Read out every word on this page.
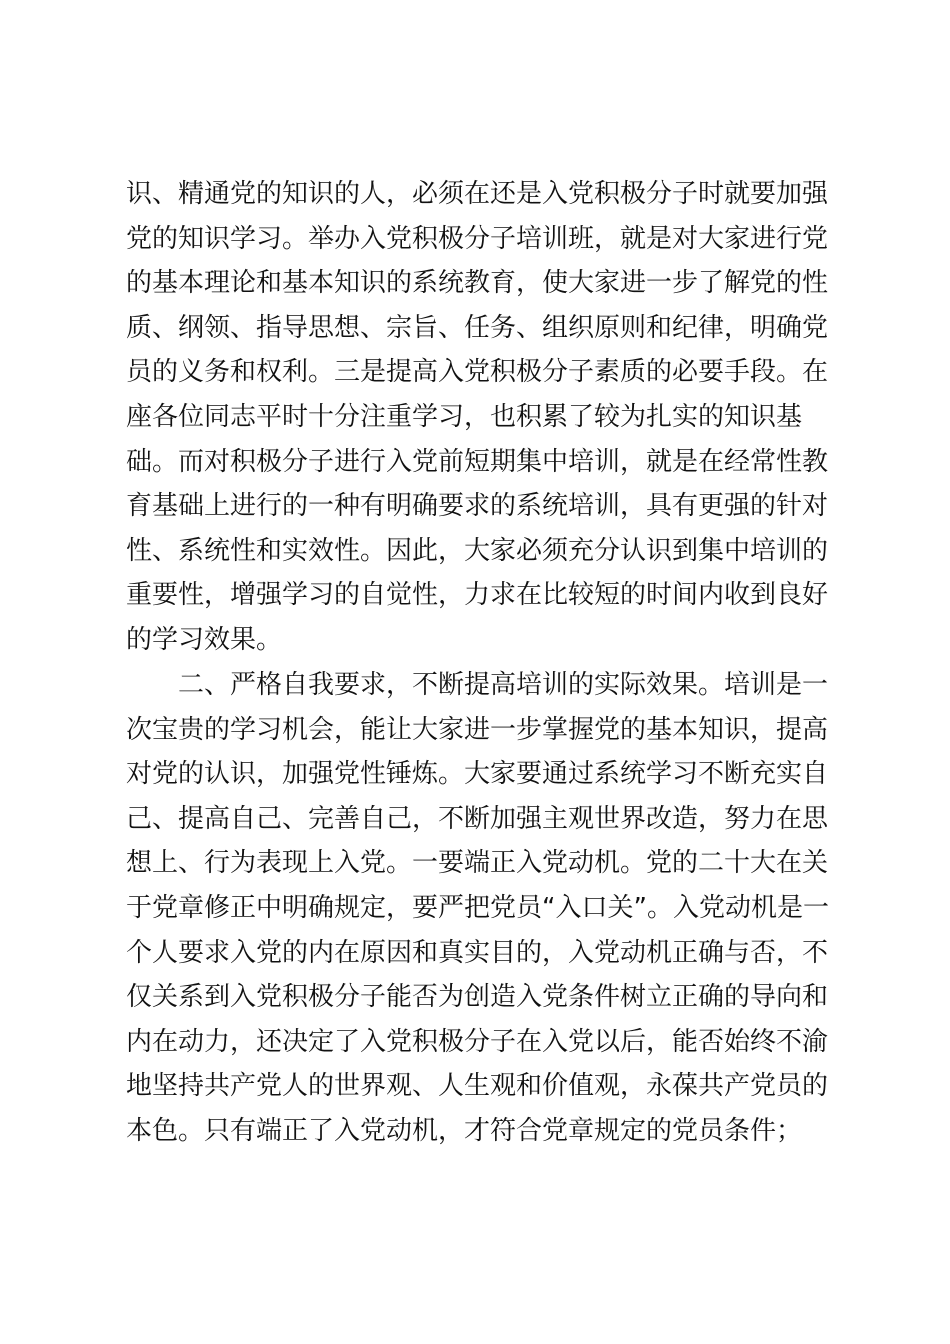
识、精通党的知识的人，必须在还是入党积极分子时就要加强
党的知识学习。举办入党积极分子培训班，就是对大家进行党
的基本理论和基本知识的系统教育，使大家进一步了解党的性
质、纲领、指导思想、宗旨、任务、组织原则和纪律，明确党
员的义务和权利。三是提高入党积极分子素质的必要手段。在
座各位同志平时十分注重学习，也积累了较为扎实的知识基
础。而对积极分子进行入党前短期集中培训，就是在经常性教
育基础上进行的一种有明确要求的系统培训，具有更强的针对
性、系统性和实效性。因此，大家必须充分认识到集中培训的
重要性，增强学习的自觉性，力求在比较短的时间内收到良好
的学习效果。
　　二、严格自我要求，不断提高培训的实际效果。培训是一
次宝贵的学习机会，能让大家进一步掌握党的基本知识，提高
对党的认识，加强党性锤炼。大家要通过系统学习不断充实自
己、提高自己、完善自己，不断加强主观世界改造，努力在思
想上、行为表现上入党。一要端正入党动机。党的二十大在关
于党章修正中明确规定，要严把党员“入口关”。入党动机是一
个人要求入党的内在原因和真实目的，入党动机正确与否，不
仅关系到入党积极分子能否为创造入党条件树立正确的导向和
内在动力，还决定了入党积极分子在入党以后，能否始终不渝
地坚持共产党人的世界观、人生观和价值观，永葆共产党员的
本色。只有端正了入党动机，才符合党章规定的党员条件；
